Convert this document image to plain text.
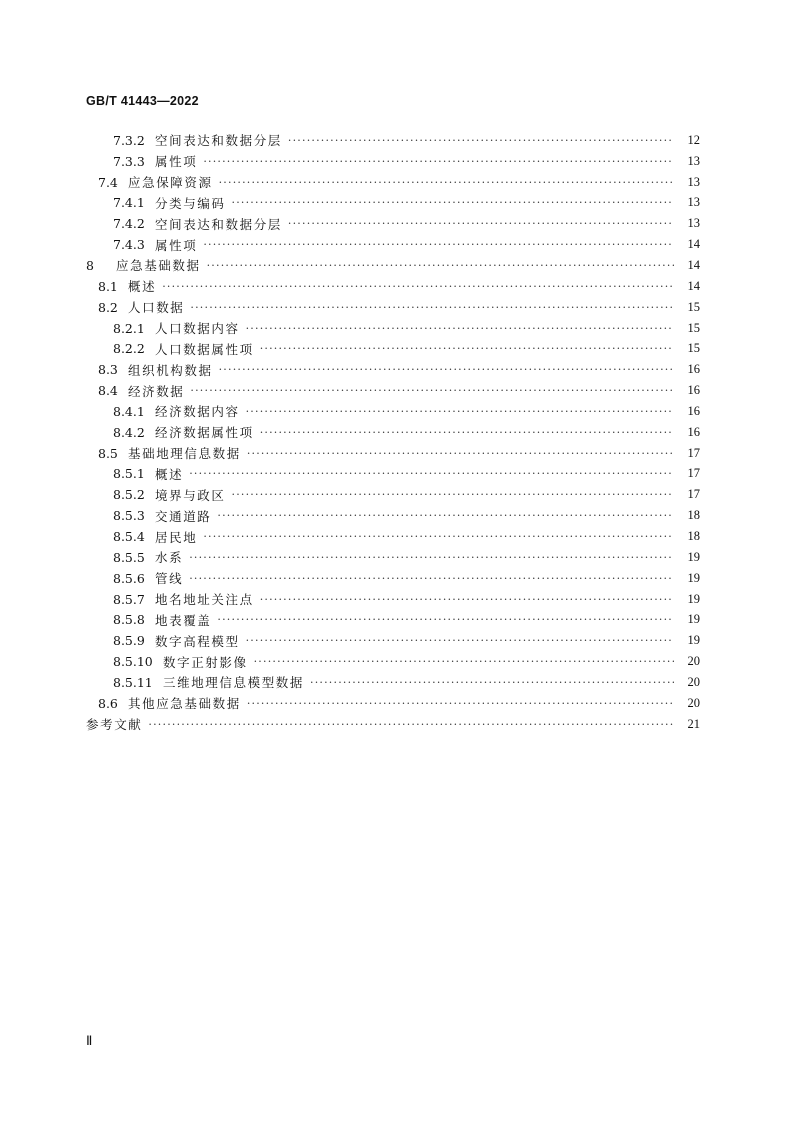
GB/T 41443—2022
7.3.2 空间表达和数据分层 ·····	12
7.3.3 属性项 ·····	13
7.4 应急保障资源 ·····	13
7.4.1 分类与编码 ·····	13
7.4.2 空间表达和数据分层 ·····	13
7.4.3 属性项 ·····	14
8	应急基础数据 ·····	14
8.1 概述 ·····	14
8.2 人口数据 ·····	15
8.2.1 人口数据内容 ·····	15
8.2.2 人口数据属性项 ·····	15
8.3 组织机构数据 ·····	16
8.4 经济数据 ·····	16
8.4.1 经济数据内容 ·····	16
8.4.2 经济数据属性项 ·····	16
8.5 基础地理信息数据 ·····	17
8.5.1 概述 ·····	17
8.5.2 境界与政区 ·····	17
8.5.3 交通道路 ·····	18
8.5.4 居民地 ·····	18
8.5.5 水系 ·····	19
8.5.6 管线 ·····	19
8.5.7 地名地址关注点 ·····	19
8.5.8 地表覆盖 ·····	19
8.5.9 数字高程模型 ·····	19
8.5.10 数字正射影像 ·····	20
8.5.11 三维地理信息模型数据 ·····	20
8.6 其他应急基础数据 ·····	20
参考文献 ·····	21
Ⅱ
